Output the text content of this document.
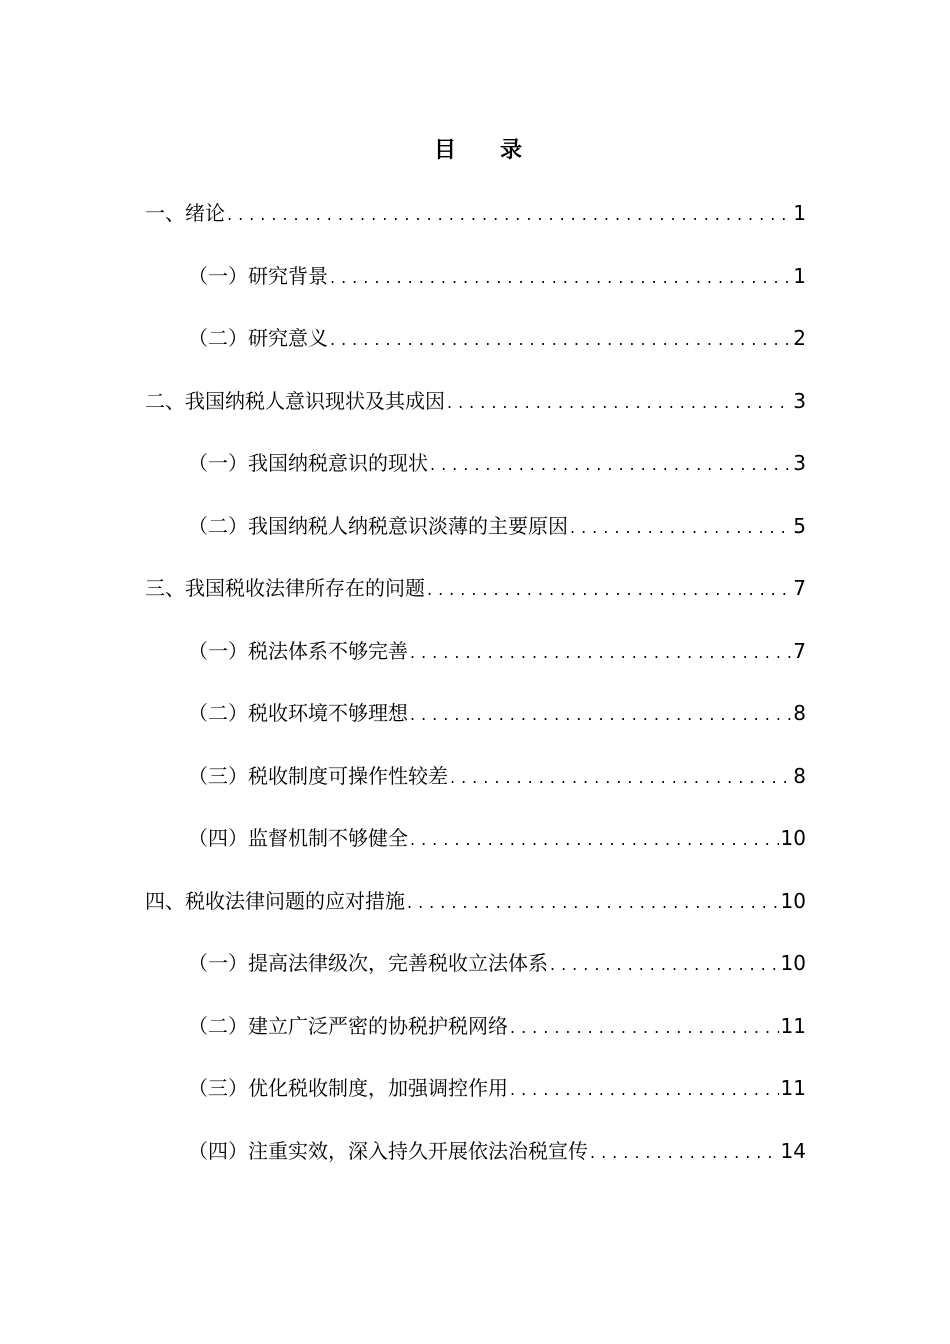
目录
一、绪论 .....	1
（一）研究背景 .....	1
（二）研究意义 .....	2
二、我国纳税人意识现状及其成因 .....	3
（一）我国纳税意识的现状 .....	3
（二）我国纳税人纳税意识淡薄的主要原因 .....	5
三、我国税收法律所存在的问题 .....	7
（一）税法体系不够完善 .....	7
（二）税收环境不够理想 .....	8
（三）税收制度可操作性较差 .....	8
（四）监督机制不够健全 .....	10
四、税收法律问题的应对措施 .....	10
（一）提高法律级次，完善税收立法体系 .....	10
（二）建立广泛严密的协税护税网络 .....	11
（三）优化税收制度，加强调控作用 .....	11
（四）注重实效，深入持久开展依法治税宣传 .....	14
